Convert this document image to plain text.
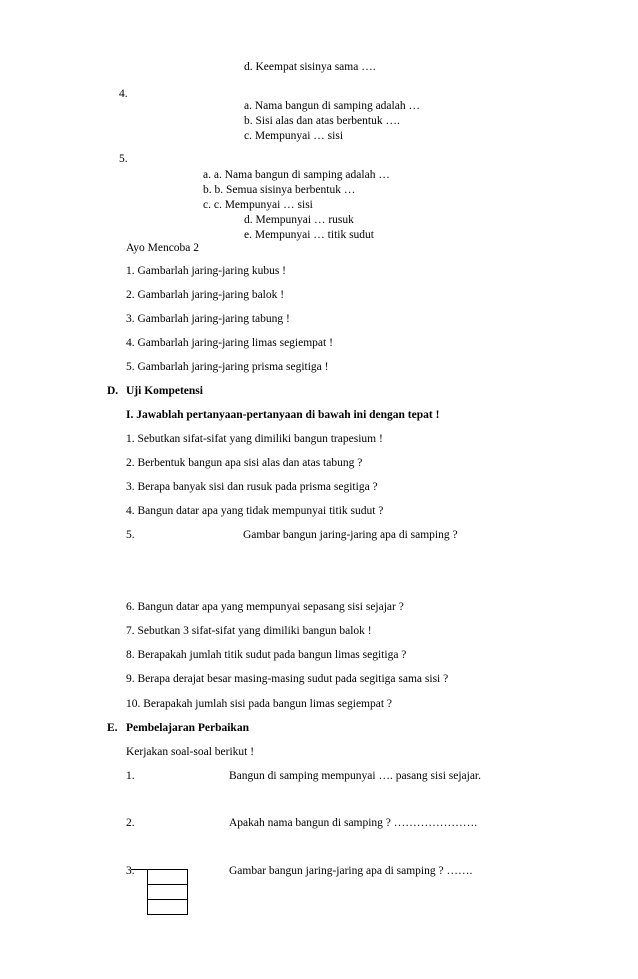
d. Keempat sisinya sama ….
4.
a. Nama bangun di samping adalah …
b. Sisi alas dan atas berbentuk ….
c. Mempunyai … sisi
5.
a. a. Nama bangun di samping adalah …
b. b. Semua sisinya berbentuk …
c. c. Mempunyai … sisi
d. Mempunyai … rusuk
e. Mempunyai … titik sudut
Ayo Mencoba 2
1. Gambarlah jaring-jaring kubus !
2. Gambarlah jaring-jaring balok !
3. Gambarlah jaring-jaring tabung !
4. Gambarlah jaring-jaring limas segiempat !
5. Gambarlah jaring-jaring prisma segitiga !
D. Uji Kompetensi
I. Jawablah pertanyaan-pertanyaan di bawah ini dengan tepat !
1. Sebutkan sifat-sifat yang dimiliki bangun trapesium !
2. Berbentuk bangun apa sisi alas dan atas tabung ?
3. Berapa banyak sisi dan rusuk pada prisma segitiga ?
4. Bangun datar apa yang tidak mempunyai titik sudut ?
5.	Gambar bangun jaring-jaring apa di samping ?
6. Bangun datar apa yang mempunyai sepasang sisi sejajar ?
7. Sebutkan 3 sifat-sifat yang dimiliki bangun balok !
8. Berapakah jumlah titik sudut pada bangun limas segitiga ?
9. Berapa derajat besar masing-masing sudut pada segitiga sama sisi ?
10. Berapakah jumlah sisi pada bangun limas segiempat ?
E. Pembelajaran Perbaikan
Kerjakan soal-soal berikut !
1.	Bangun di samping mempunyai …. pasang sisi sejajar.
2.	Apakah nama bangun di samping ? ………………….
3.	Gambar bangun jaring-jaring apa di samping ? …….
